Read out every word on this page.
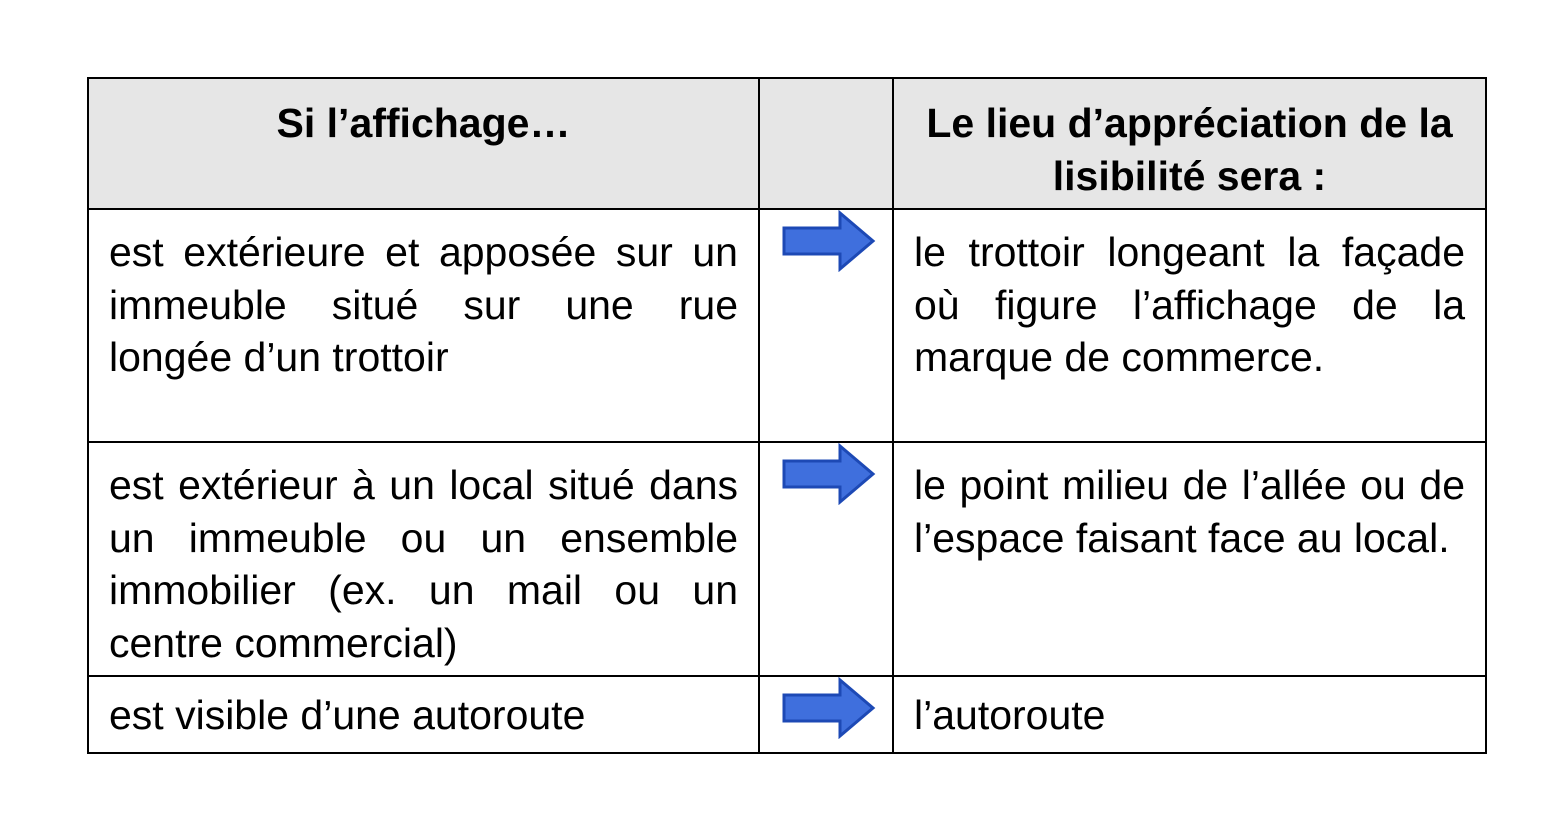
Si l’affichage…		Le lieu d’appréciation de la lisibilité sera :

est extérieure et apposée sur un immeuble situé sur une rue longée d’un trottoir		le trottoir longeant la façade où figure l’affichage de la marque de commerce.

est extérieur à un local situé dans un immeuble ou un ensemble immobilier (ex. un mail ou un centre commercial)		le point milieu de l’allée ou de l’espace faisant face au local.

est visible d’une autoroute		l’autoroute
